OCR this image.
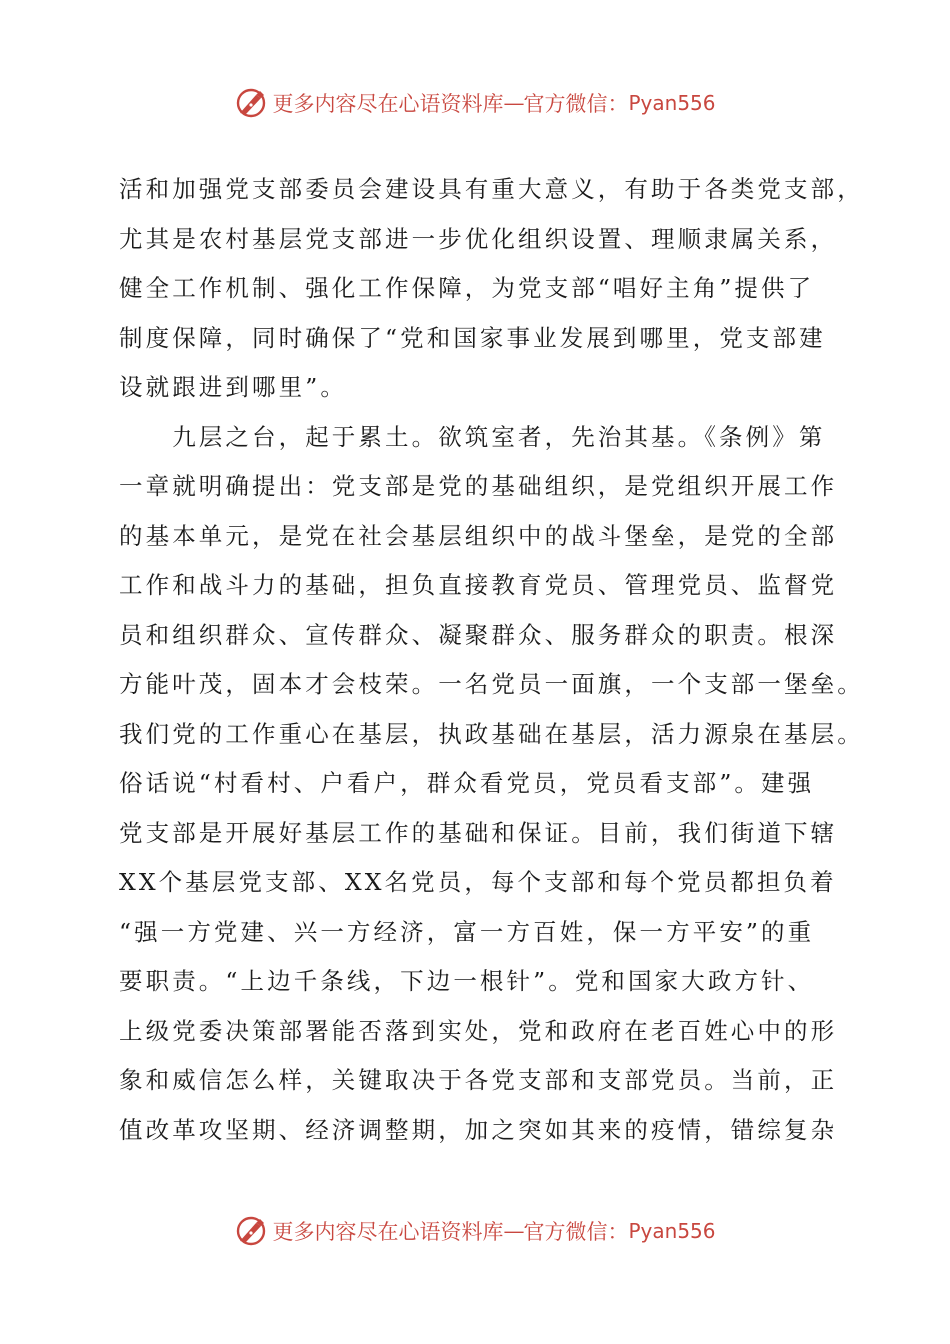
更多内容尽在心语资料库 — 官方微信： Pyan556
活和加强党支部委员会建设具有重大意义，有助于各类党支部，
尤其是农村基层党支部进一步优化组织设置、理顺隶属关系，
健全工作机制、强化工作保障，为党支部“唱好主角”提供了
制度保障，同时确保了“党和国家事业发展到哪里，党支部建
设就跟进到哪里”。
　　九层之台，起于累土。欲筑室者，先治其基。《条例》第
一章就明确提出：党支部是党的基础组织，是党组织开展工作
的基本单元，是党在社会基层组织中的战斗堡垒，是党的全部
工作和战斗力的基础，担负直接教育党员、管理党员、监督党
员和组织群众、宣传群众、凝聚群众、服务群众的职责。根深
方能叶茂，固本才会枝荣。一名党员一面旗，一个支部一堡垒。
我们党的工作重心在基层，执政基础在基层，活力源泉在基层。
俗话说“村看村、户看户，群众看党员，党员看支部”。建强
党支部是开展好基层工作的基础和保证。目前，我们街道下辖
XX个基层党支部、XX名党员，每个支部和每个党员都担负着
“强一方党建、兴一方经济，富一方百姓，保一方平安”的重
要职责。“上边千条线，下边一根针”。党和国家大政方针、
上级党委决策部署能否落到实处，党和政府在老百姓心中的形
象和威信怎么样，关键取决于各党支部和支部党员。当前，正
值改革攻坚期、经济调整期，加之突如其来的疫情，错综复杂
更多内容尽在心语资料库 — 官方微信： Pyan556
